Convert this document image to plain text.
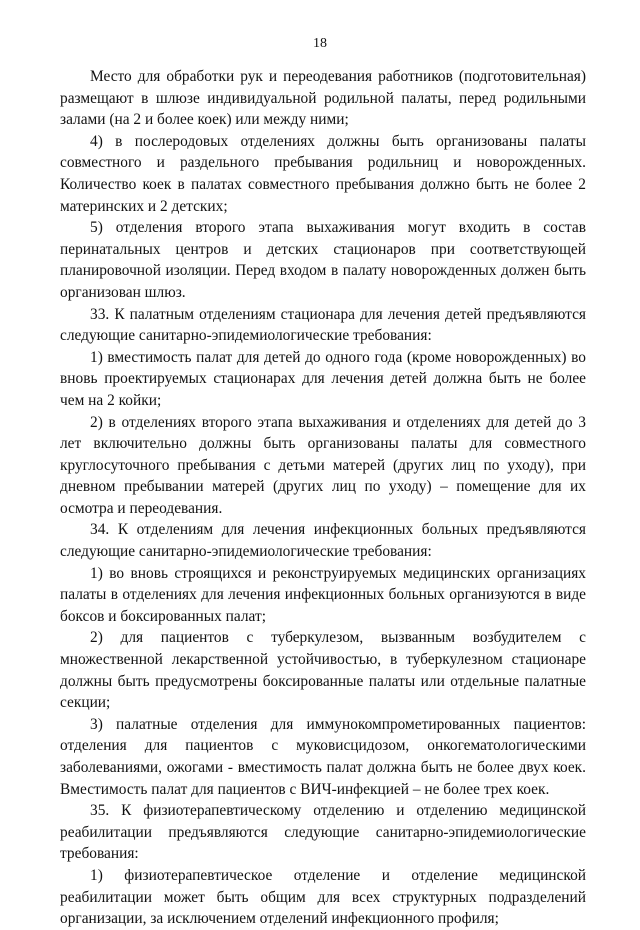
18

Место для обработки рук и переодевания работников (подготовительная) размещают в шлюзе индивидуальной родильной палаты, перед родильными залами (на 2 и более коек) или между ними;

4) в послеродовых отделениях должны быть организованы палаты совместного и раздельного пребывания родильниц и новорожденных. Количество коек в палатах совместного пребывания должно быть не более 2 материнских и 2 детских;

5) отделения второго этапа выхаживания могут входить в состав перинатальных центров и детских стационаров при соответствующей планировочной изоляции. Перед входом в палату новорожденных должен быть организован шлюз.

33. К палатным отделениям стационара для лечения детей предъявляются следующие санитарно-эпидемиологические требования:

1) вместимость палат для детей до одного года (кроме новорожденных) во вновь проектируемых стационарах для лечения детей должна быть не более чем на 2 койки;

2) в отделениях второго этапа выхаживания и отделениях для детей до 3 лет включительно должны быть организованы палаты для совместного круглосуточного пребывания с детьми матерей (других лиц по уходу), при дневном пребывании матерей (других лиц по уходу) – помещение для их осмотра и переодевания.

34. К отделениям для лечения инфекционных больных предъявляются следующие санитарно-эпидемиологические требования:

1) во вновь строящихся и реконструируемых медицинских организациях палаты в отделениях для лечения инфекционных больных организуются в виде боксов и боксированных палат;

2) для пациентов с туберкулезом, вызванным возбудителем с множественной лекарственной устойчивостью, в туберкулезном стационаре должны быть предусмотрены боксированные палаты или отдельные палатные секции;

3) палатные отделения для иммунокомпрометированных пациентов: отделения для пациентов с муковисцидозом, онкогематологическими заболеваниями, ожогами - вместимость палат должна быть не более двух коек. Вместимость палат для пациентов с ВИЧ-инфекцией – не более трех коек.

35. К физиотерапевтическому отделению и отделению медицинской реабилитации предъявляются следующие санитарно-эпидемиологические требования:

1) физиотерапевтическое отделение и отделение медицинской реабилитации может быть общим для всех структурных подразделений организации, за исключением отделений инфекционного профиля;
